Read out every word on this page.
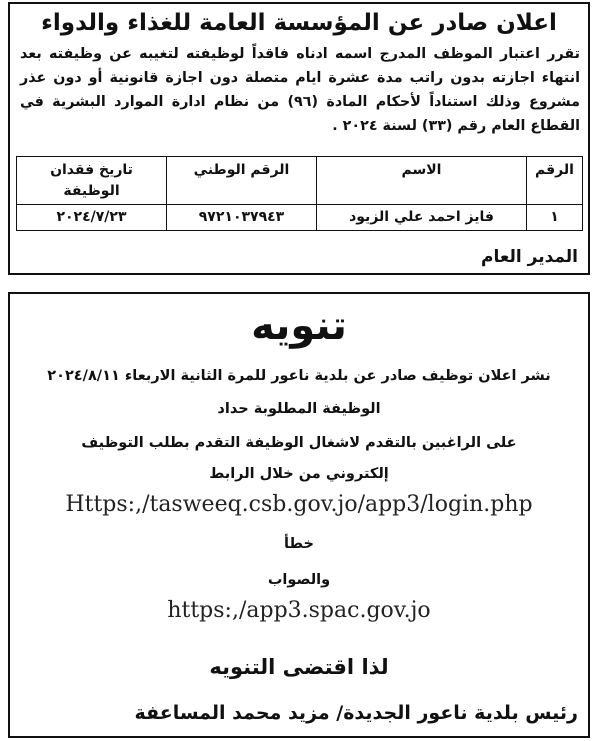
اعلان صادر عن المؤسسة العامة للغذاء والدواء
تقرر اعتبار الموظف المدرج اسمه ادناه فاقداً لوظيفته لتغيبه عن وظيفته بعد انتهاء اجازته بدون راتب مدة عشرة ايام متصلة دون اجازة قانونية أو دون عذر مشروع وذلك استناداً لأحكام المادة (٩٦) من نظام ادارة الموارد البشرية في القطاع العام رقم (٣٣) لسنة ٢٠٢٤ .
الرقم	الاسم	الرقم الوطني	تاريخ فقدان الوظيفة
١	فايز احمد علي الزيود	٩٧٢١٠٣٧٩٤٣	٢٠٢٤/٧/٢٣
المدير العام
تنويه
نشر اعلان توظيف صادر عن بلدية ناعور للمرة الثانية الاربعاء ٢٠٢٤/٨/١١
الوظيفة المطلوبة حداد
على الراغبين بالتقدم لاشغال الوظيفة التقدم بطلب التوظيف
إلكتروني من خلال الرابط
Https:,/tasweeq.csb.gov.jo/app3/login.php
خطأ
والصواب
https:,/app3.spac.gov.jo
لذا اقتضى التنويه
رئيس بلدية ناعور الجديدة/ مزيد محمد المساعفة
